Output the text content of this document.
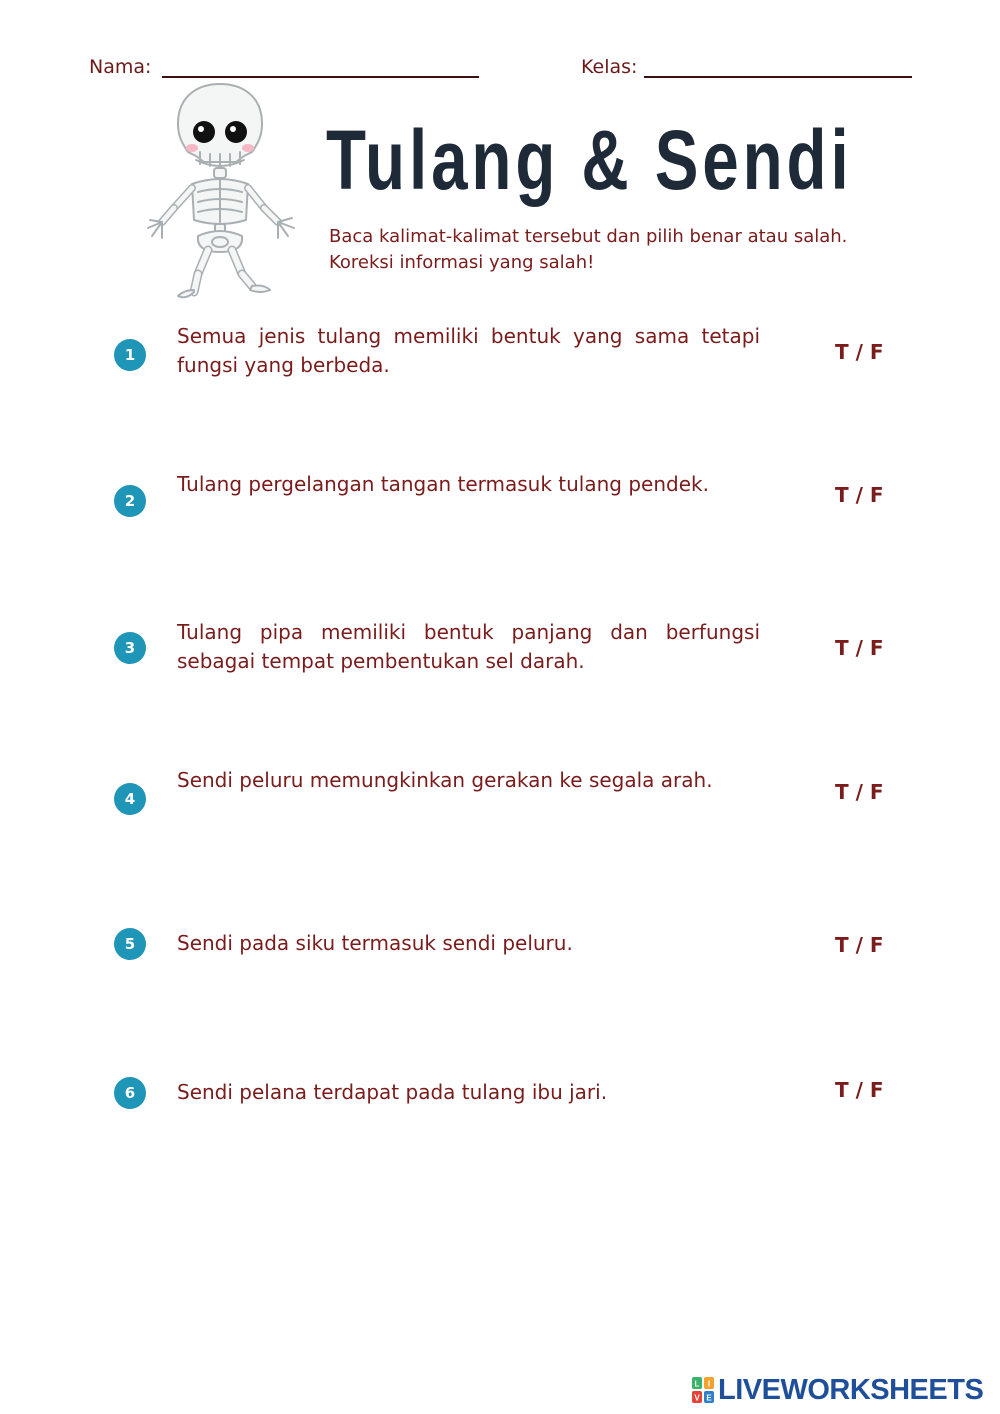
Nama:	Kelas:
Tulang & Sendi

Baca kalimat-kalimat tersebut dan pilih benar atau salah. Koreksi informasi yang salah!

1

Semua jenis tulang memiliki bentuk yang sama tetapi fungsi yang berbeda.

T / F
2

Tulang pergelangan tangan termasuk tulang pendek.	T / F
3

Tulang pipa memiliki bentuk panjang dan berfungsi sebagai tempat pembentukan sel darah.

T / F
4

Sendi peluru memungkinkan gerakan ke segala arah.	T / F
5	Sendi pada siku termasuk sendi peluru.	T / F
6	Sendi pelana terdapat pada tulang ibu jari.	T / F
L I
V E LIVEWORKSHEETS
